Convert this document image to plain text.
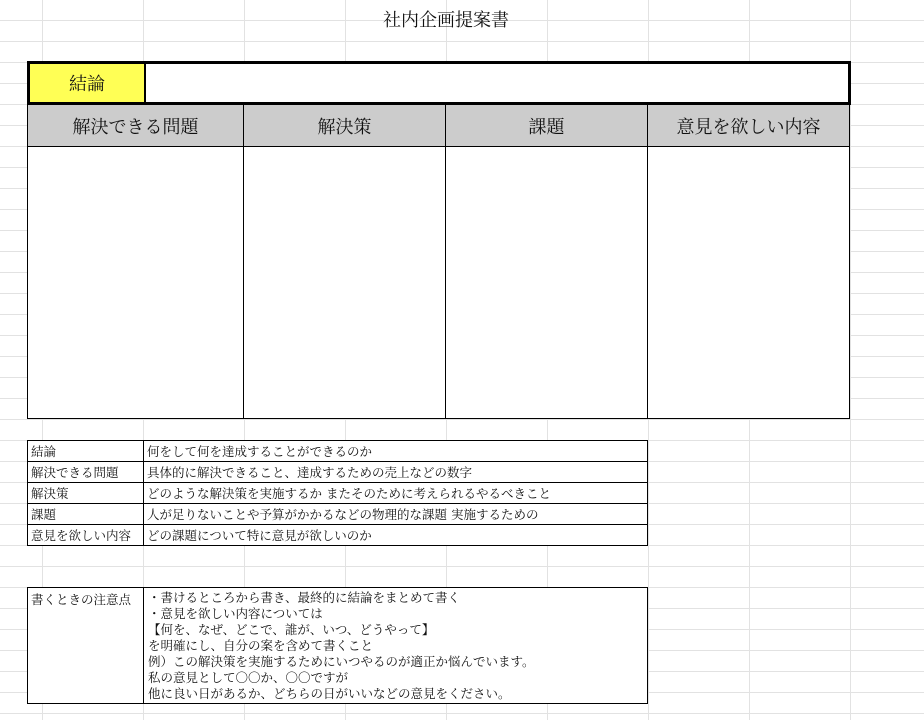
社内企画提案書
結論
解決できる問題	解決策	課題	意見を欲しい内容
結論	何をして何を達成することができるのか
解決できる問題	具体的に解決できること、達成するための売上などの数字
解決策	どのような解決策を実施するか またそのために考えられるやるべきこと
課題	人が足りないことや予算がかかるなどの物理的な課題 実施するための
意見を欲しい内容	どの課題について特に意見が欲しいのか
書くときの注意点	・書けるところから書き、最終的に結論をまとめて書く
・意見を欲しい内容については
【何を、なぜ、どこで、誰が、いつ、どうやって】
を明確にし、自分の案を含めて書くこと
例）この解決策を実施するためにいつやるのが適正か悩んでいます。
私の意見として〇〇か、〇〇ですが
他に良い日があるか、どちらの日がいいなどの意見をください。
